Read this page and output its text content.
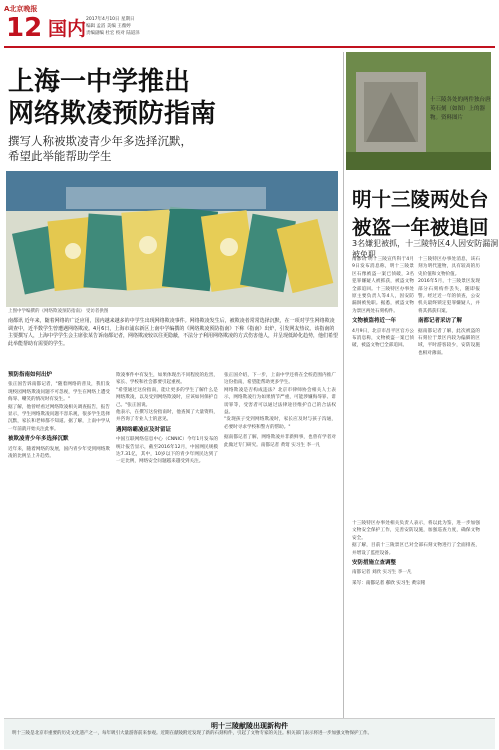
A北京晚报
12 国内 2017年4月10日 星期日
编辑 孟滔 美编 王薇婷
责编副编 杜宏 校对 陆道泽
上海一中学推出
网络欺凌预防指南
撰写人称被欺凌青少年多选择沉默，
希望此举能帮助学生
上图中学编撰的《网络欺凌预防指南》 受访者供图
南都讯 近年来，随着网络的广泛应用，国内越来越多的中学生出现网络欺凌事件。网络欺凌发生后，被欺凌者常常选择沉默，在一项对学生网络欺凌调查中，近半数学生曾遭遇网络欺凌。4月6日，上海市浦东新区上南中学编撰的《网络欺凌预防指南》下称《指南》出炉，引发网友热议。该指南的主要撰写人，上海中学学生会主席张某告诉南都记者，网络欺凌较以往更隐蔽，不法分子利用网络欺凌的方式伤害他人，并呈现低龄化趋势，他们希望此举能帮助有需要的学生。
预防指南如何出炉
张正国告诉南都记者，"随着网络的普及，我们发现校园网络欺凌问题不可忽视，学生在网络上遭受侮辱、嘲笑的情况时有发生。"
据了解，他曾经看过网络欺凌相关调查报告，报告显示，学生网络欺凌问题不容乐观，很多学生选择沉默，家长和老师都不知道。据了解，上南中学从一年前就开始关注此事。
被欺凌青少年多选择沉默
近年来，随着网络的发展，国内青少年受到网络欺凌的比例呈上升趋势。
欺凌事件中有发生，如果体现出不同程度的危害，家长、学校和社会都要引起重视。
"希望通过这份指南，能让更多的学生了解什么是网络欺凌，以及受到网络欺凌时，应该如何保护自己。"张正国说。
他表示，在撰写这份指南时，他查阅了大量资料，并咨询了专业人士的意见。
遇网络霸凌应及时留证
中国互联网络信息中心（CNNIC）今年1月发布的统计报告显示，截至2016年12月，中国网民规模达7.31亿，其中，10岁以下的青少年网民达到了一定比例，网络安全问题越来越受到关注。
张正国介绍，下一步，上南中学还将在全校范围内推广这份指南，希望能帮助更多学生。
网络欺凌是否构成违法？北京市律师协会相关人士表示，网络欺凌行为如果情节严重，可能涉嫌侮辱罪、诽谤罪等，受害者可以通过法律途径维护自己的合法权益。
"发现孩子受到网络欺凌时，家长应及时与孩子沟通，必要时寻求学校和警方的帮助。"
据南都记者了解，网络欺凌并非新鲜事，也曾有学者对此做过专门研究。南都记者 黄莺 实习生 李一凡
十三陵各处的两件独台唐英石刻（如图）上的器物。资料图片
明十三陵两处台
被盗一年被追回
3名嫌犯被抓，十三陵特区4人因安防漏洞被免职
南都讯 明十三陵宣传科于4月9日发布消息称，明十三陵景区石像被盗一案已侦破，3名犯罪嫌疑人被抓获，被盗文物全部追回。十三陵特区办事处原主要负责人等4人，因安防漏洞被免职。据悉，被盗文物为景区两处石刻构件。
文物被盗将近一年
4月9日，北京市昌平区官方公布消息称，文物被盗一案已侦破，被盗文物已全部追回。
十三陵特区办事处消息，该石刻为明代遗物，具有较高的历史价值和文物价值。
2016年5月，十三陵景区发现部分石刻构件丢失，随即报警。经过近一年的侦查，公安机关最终锁定犯罪嫌疑人，并将其抓获归案。
南都记者采访了解
据南都记者了解，此次被盗的石刻位于景区内较为偏僻的区域，平时游客较少，安防设施也相对薄弱。
十三陵特区办事处相关负责人表示，将以此为鉴，进一步加强文物安全保护工作，完善安防设施，加强巡查力度，确保文物安全。
据了解，目前十三陵景区已对全部石刻文物进行了全面排查，并增设了监控设备。
安防措施立查调整
南都记者 刘欣 实习生 李一凡
采写：南都记者 郝欣 实习生 黄宗铭
明十三陵献陵出现新构件
明十三陵是北京市重要的历史文化遗产之一，每年吸引大量游客前来参观。近期在献陵附近发现了新的石刻构件，引起了文物专家的关注。相关部门表示将进一步加强文物保护工作。
